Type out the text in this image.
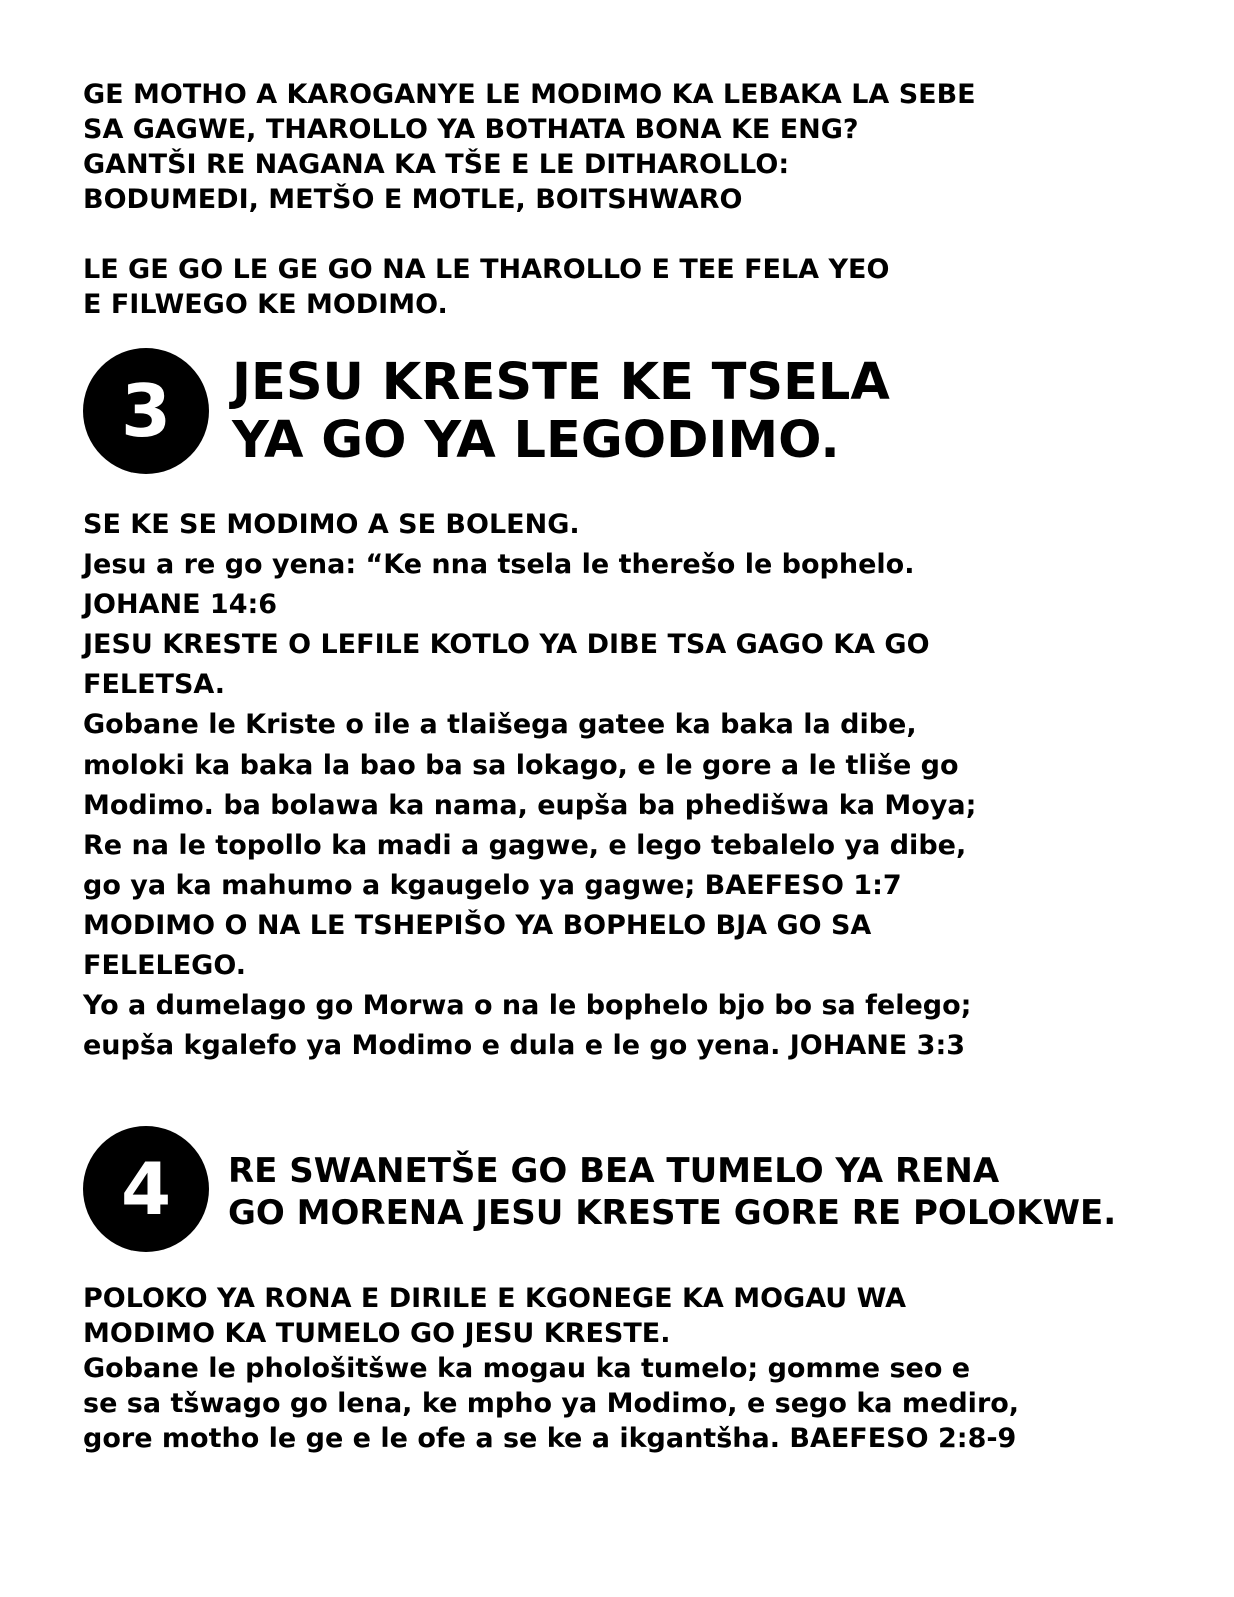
GE MOTHO A KAROGANYE LE MODIMO KA LEBAKA LA SEBE
SA GAGWE, THAROLLO YA BOTHATA BONA KE ENG?
GANTŠI RE NAGANA KA TŠE E LE DITHAROLLO:
BODUMEDI, METŠO E MOTLE, BOITSHWARO
LE GE GO LE GE GO NA LE THAROLLO E TEE FELA YEO
E FILWEGO KE MODIMO.
3 JESU KRESTE KE TSELA
YA GO YA LEGODIMO.
SE KE SE MODIMO A SE BOLENG.
Jesu a re go yena: “Ke nna tsela le therešo le bophelo.
JOHANE 14:6
JESU KRESTE O LEFILE KOTLO YA DIBE TSA GAGO KA GO
FELETSA.
Gobane le Kriste o ile a tlaišega gatee ka baka la dibe,
moloki ka baka la bao ba sa lokago, e le gore a le tliše go
Modimo. ba bolawa ka nama, eupša ba phedišwa ka Moya;
Re na le topollo ka madi a gagwe, e lego tebalelo ya dibe,
go ya ka mahumo a kgaugelo ya gagwe; BAEFESO 1:7
MODIMO O NA LE TSHEPIŠO YA BOPHELO BJA GO SA
FELELEGO.
Yo a dumelago go Morwa o na le bophelo bjo bo sa felego;
eupša kgalefo ya Modimo e dula e le go yena. JOHANE 3:3
4 RE SWANETŠE GO BEA TUMELO YA RENA
GO MORENA JESU KRESTE GORE RE POLOKWE.
POLOKO YA RONA E DIRILE E KGONEGE KA MOGAU WA
MODIMO KA TUMELO GO JESU KRESTE.
Gobane le phološitšwe ka mogau ka tumelo; gomme seo e
se sa tšwago go lena, ke mpho ya Modimo, e sego ka mediro,
gore motho le ge e le ofe a se ke a ikgantšha. BAEFESO 2:8-9
